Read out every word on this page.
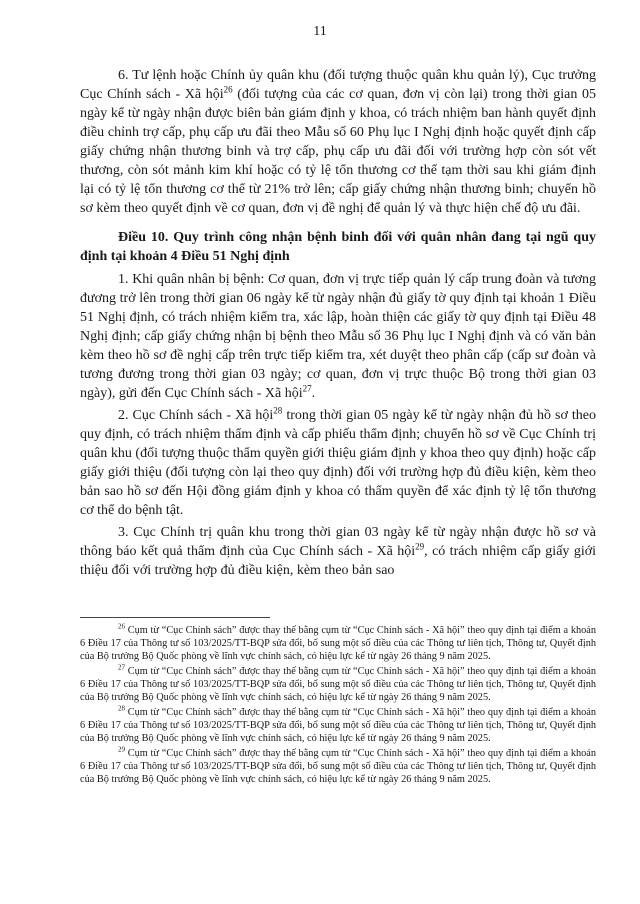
11

6. Tư lệnh hoặc Chính ủy quân khu (đối tượng thuộc quân khu quản lý), Cục trưởng Cục Chính sách - Xã hội$^{26}$ (đối tượng của các cơ quan, đơn vị còn lại) trong thời gian 05 ngày kể từ ngày nhận được biên bản giám định y khoa, có trách nhiệm ban hành quyết định điều chỉnh trợ cấp, phụ cấp ưu đãi theo Mẫu số 60 Phụ lục I Nghị định hoặc quyết định cấp giấy chứng nhận thương binh và trợ cấp, phụ cấp ưu đãi đối với trường hợp còn sót vết thương, còn sót mảnh kim khí hoặc có tỷ lệ tổn thương cơ thể tạm thời sau khi giám định lại có tỷ lệ tổn thương cơ thể từ 21% trở lên; cấp giấy chứng nhận thương binh; chuyển hồ sơ kèm theo quyết định về cơ quan, đơn vị đề nghị để quản lý và thực hiện chế độ ưu đãi.

Điều 10. Quy trình công nhận bệnh binh đối với quân nhân đang tại ngũ quy định tại khoản 4 Điều 51 Nghị định

1. Khi quân nhân bị bệnh: Cơ quan, đơn vị trực tiếp quản lý cấp trung đoàn và tương đương trở lên trong thời gian 06 ngày kể từ ngày nhận đủ giấy tờ quy định tại khoản 1 Điều 51 Nghị định, có trách nhiệm kiểm tra, xác lập, hoàn thiện các giấy tờ quy định tại Điều 48 Nghị định; cấp giấy chứng nhận bị bệnh theo Mẫu số 36 Phụ lục I Nghị định và có văn bản kèm theo hồ sơ đề nghị cấp trên trực tiếp kiểm tra, xét duyệt theo phân cấp (cấp sư đoàn và tương đương trong thời gian 03 ngày; cơ quan, đơn vị trực thuộc Bộ trong thời gian 03 ngày), gửi đến Cục Chính sách - Xã hội$^{27}$.

2. Cục Chính sách - Xã hội$^{28}$ trong thời gian 05 ngày kể từ ngày nhận đủ hồ sơ theo quy định, có trách nhiệm thẩm định và cấp phiếu thẩm định; chuyển hồ sơ về Cục Chính trị quân khu (đối tượng thuộc thẩm quyền giới thiệu giám định y khoa theo quy định) hoặc cấp giấy giới thiệu (đối tượng còn lại theo quy định) đối với trường hợp đủ điều kiện, kèm theo bản sao hồ sơ đến Hội đồng giám định y khoa có thẩm quyền để xác định tỷ lệ tổn thương cơ thể do bệnh tật.

3. Cục Chính trị quân khu trong thời gian 03 ngày kể từ ngày nhận được hồ sơ và thông báo kết quả thẩm định của Cục Chính sách - Xã hội$^{29}$, có trách nhiệm cấp giấy giới thiệu đối với trường hợp đủ điều kiện, kèm theo bản sao

$^{26}$ Cụm từ “Cục Chính sách” được thay thế bằng cụm từ “Cục Chính sách - Xã hội” theo quy định tại điểm a khoản 6 Điều 17 của Thông tư số 103/2025/TT-BQP sửa đổi, bổ sung một số điều của các Thông tư liên tịch, Thông tư, Quyết định của Bộ trưởng Bộ Quốc phòng về lĩnh vực chính sách, có hiệu lực kể từ ngày 26 tháng 9 năm 2025.

$^{27}$ Cụm từ “Cục Chính sách” được thay thế bằng cụm từ “Cục Chính sách - Xã hội” theo quy định tại điểm a khoản 6 Điều 17 của Thông tư số 103/2025/TT-BQP sửa đổi, bổ sung một số điều của các Thông tư liên tịch, Thông tư, Quyết định của Bộ trưởng Bộ Quốc phòng về lĩnh vực chính sách, có hiệu lực kể từ ngày 26 tháng 9 năm 2025.

$^{28}$ Cụm từ “Cục Chính sách” được thay thế bằng cụm từ “Cục Chính sách - Xã hội” theo quy định tại điểm a khoản 6 Điều 17 của Thông tư số 103/2025/TT-BQP sửa đổi, bổ sung một số điều của các Thông tư liên tịch, Thông tư, Quyết định của Bộ trưởng Bộ Quốc phòng về lĩnh vực chính sách, có hiệu lực kể từ ngày 26 tháng 9 năm 2025.

$^{29}$ Cụm từ “Cục Chính sách” được thay thế bằng cụm từ “Cục Chính sách - Xã hội” theo quy định tại điểm a khoản 6 Điều 17 của Thông tư số 103/2025/TT-BQP sửa đổi, bổ sung một số điều của các Thông tư liên tịch, Thông tư, Quyết định của Bộ trưởng Bộ Quốc phòng về lĩnh vực chính sách, có hiệu lực kể từ ngày 26 tháng 9 năm 2025.
